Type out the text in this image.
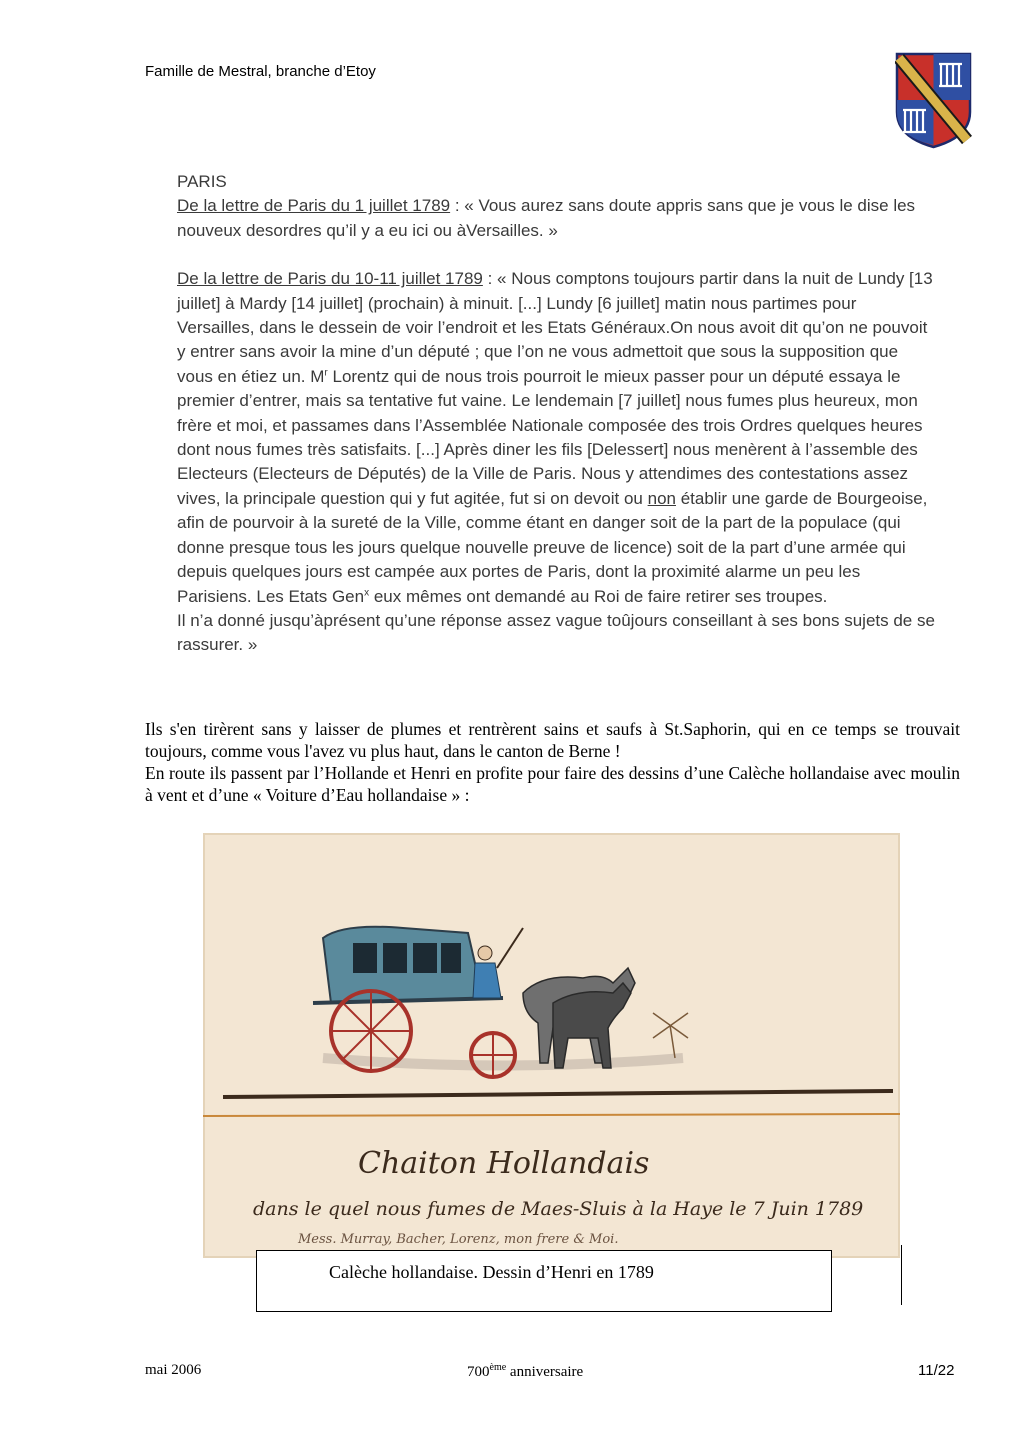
Famille de Mestral, branche d’Etoy

PARIS

De la lettre de Paris du 1 juillet 1789 : « Vous aurez sans doute appris sans que je vous le dise les nouveux desordres qu’il y a eu ici ou àVersailles. »

De la lettre de Paris du 10-11 juillet 1789 : « Nous comptons toujours partir dans la nuit de Lundy [13 juillet] à Mardy [14 juillet] (prochain) à minuit. [...] Lundy [6 juillet] matin nous partimes pour Versailles, dans le dessein de voir l’endroit et les Etats Généraux.On nous avoit dit qu’on ne pouvoit y entrer sans avoir la mine d’un député ; que l’on ne vous admettoit que sous la supposition que vous en étiez un. $M^r$ Lorentz qui de nous trois pourroit le mieux passer pour un député essaya le premier d’entrer, mais sa tentative fut vaine. Le lendemain [7 juillet] nous fumes plus heureux, mon frère et moi, et passames dans l’Assemblée Nationale composée des trois Ordres quelques heures dont nous fumes très satisfaits. [...] Après diner les fils [Delessert] nous menèrent à l’assemble des Electeurs (Electeurs de Députés) de la Ville de Paris. Nous y attendimes des contestations assez vives, la principale question qui y fut agitée, fut si on devoit ou non établir une garde de Bourgeoise, afin de pourvoir à la sureté de la Ville, comme étant en danger soit de la part de la populace (qui donne presque tous les jours quelque nouvelle preuve de licence) soit de la part d’une armée qui depuis quelques jours est campée aux portes de Paris, dont la proximité alarme un peu les Parisiens. Les Etats Gen$^x$ eux mêmes ont demandé au Roi de faire retirer ses troupes.

Il n’a donné jusqu’àprésent qu’une réponse assez vague toûjours conseillant à ses bons sujets de se rassurer. »

Ils s'en tirèrent sans y laisser de plumes et rentrèrent sains et saufs à St.Saphorin, qui en ce temps se trouvait toujours, comme vous l'avez vu plus haut, dans le canton de Berne !

En route ils passent par l’Hollande et Henri en profite pour faire des dessins d’une Calèche hollandaise avec moulin à vent et d’une « Voiture d’Eau hollandaise » :

Chaiton Hollandais
dans le quel nous fumes de Maes-Sluis à la Haye le 7 Juin 1789
Mess. Murray, Bacher, Lorenz, mon frere & Moi.
Calèche hollandaise. Dessin d’Henri en 1789
mai 2006	700ème anniversaire	11/22
